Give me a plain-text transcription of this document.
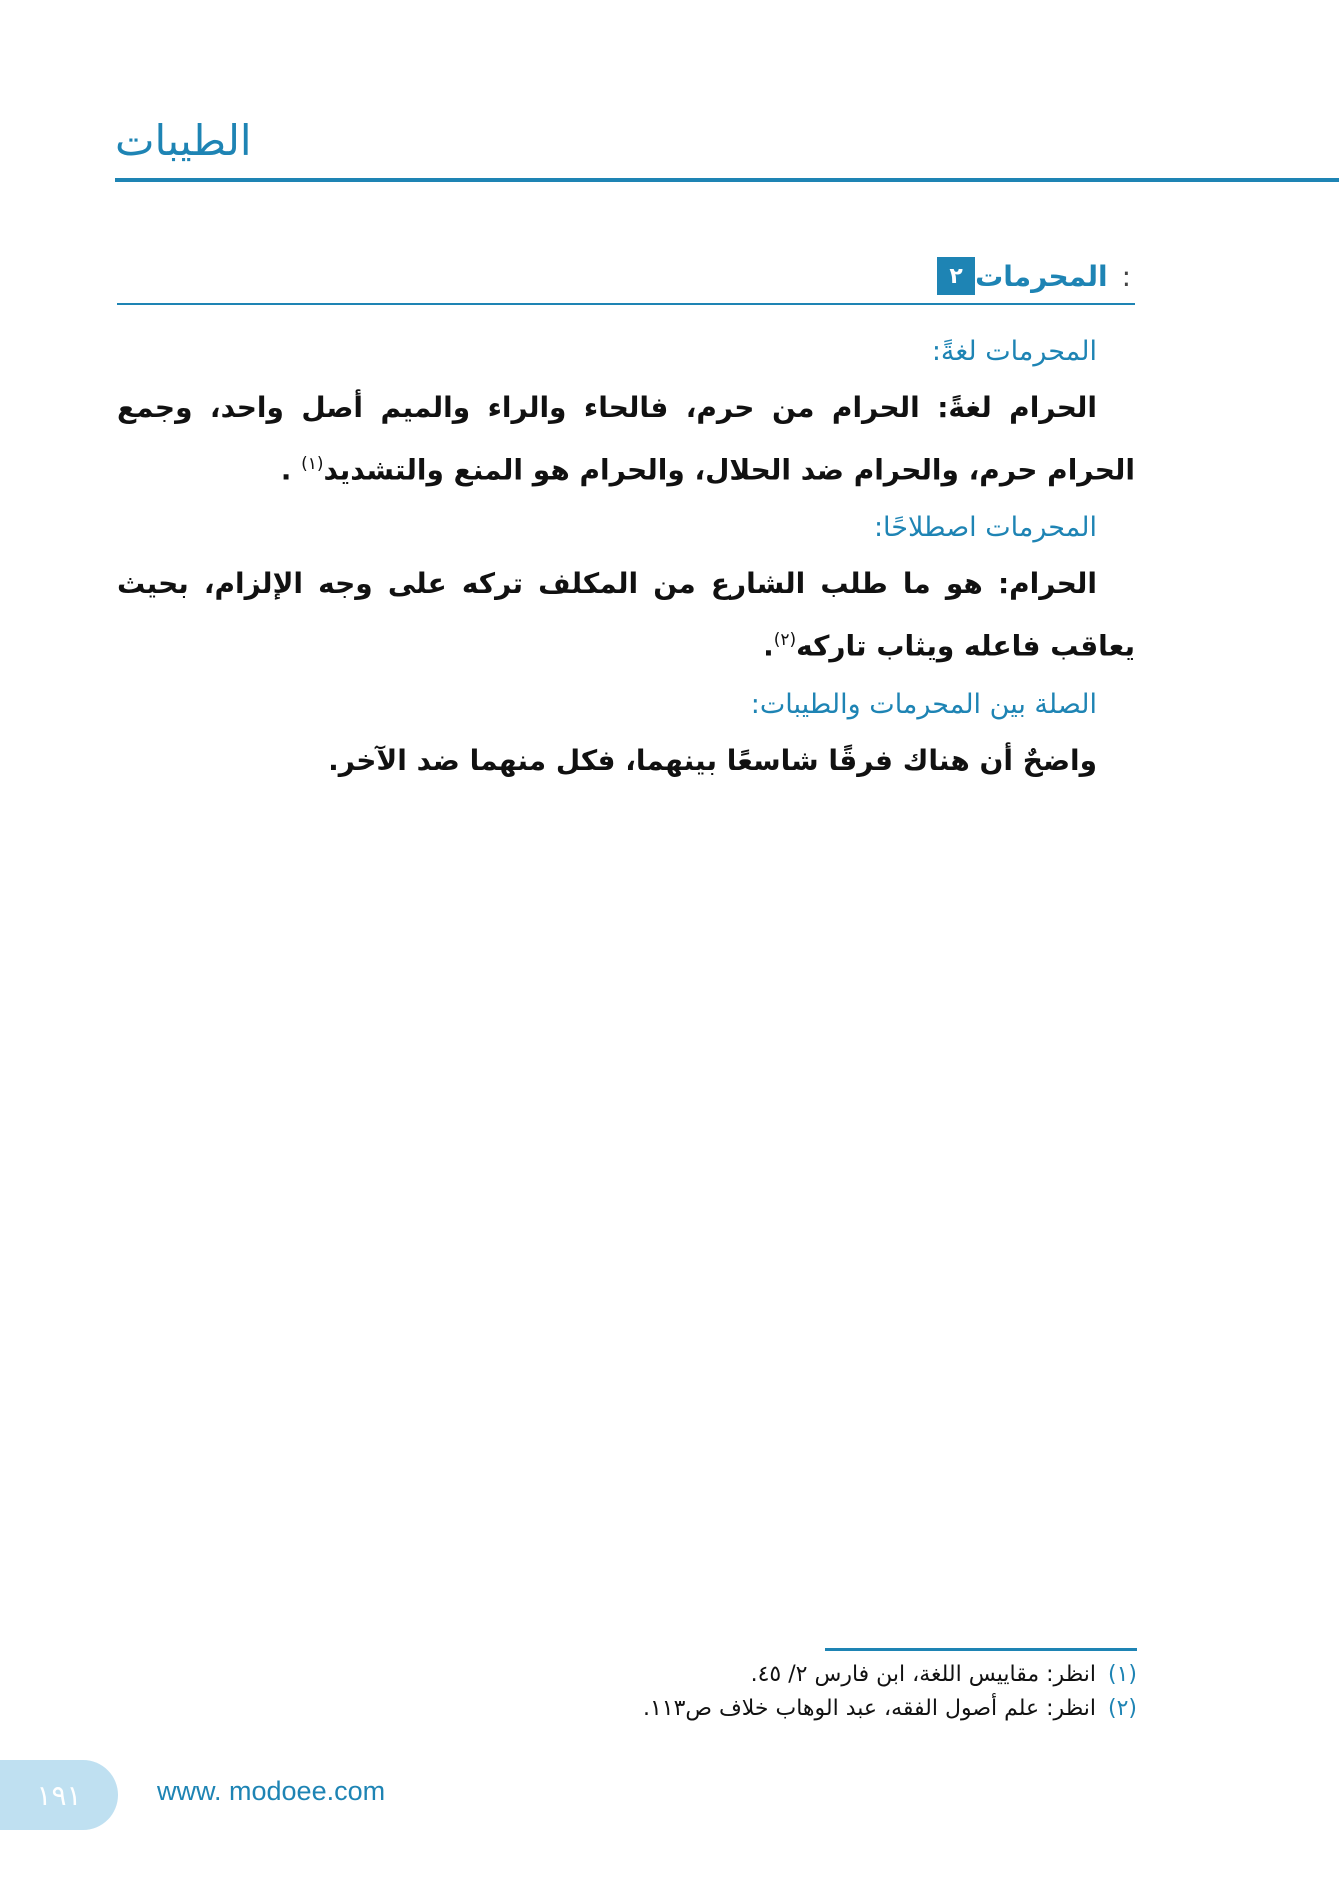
الطيبات
٢ المحرمات :
المحرمات لغةً:

الحرام لغةً: الحرام من حرم، فالحاء والراء والميم أصل واحد، وجمع الحرام حرم، والحرام ضد الحلال، والحرام هو المنع والتشديد$^{(١)}$ .

المحرمات اصطلاحًا:

الحرام: هو ما طلب الشارع من المكلف تركه على وجه الإلزام، بحيث يعاقب فاعله ويثاب تاركه$^{(٢)}$.

الصلة بين المحرمات والطيبات:

واضحٌ أن هناك فرقًا شاسعًا بينهما، فكل منهما ضد الآخر.

(١)
انظر: مقاييس اللغة، ابن فارس ٢/ ٤٥.
(٢)
انظر: علم أصول الفقه، عبد الوهاب خلاف ص١١٣.
١٩١	www. modoee.com
